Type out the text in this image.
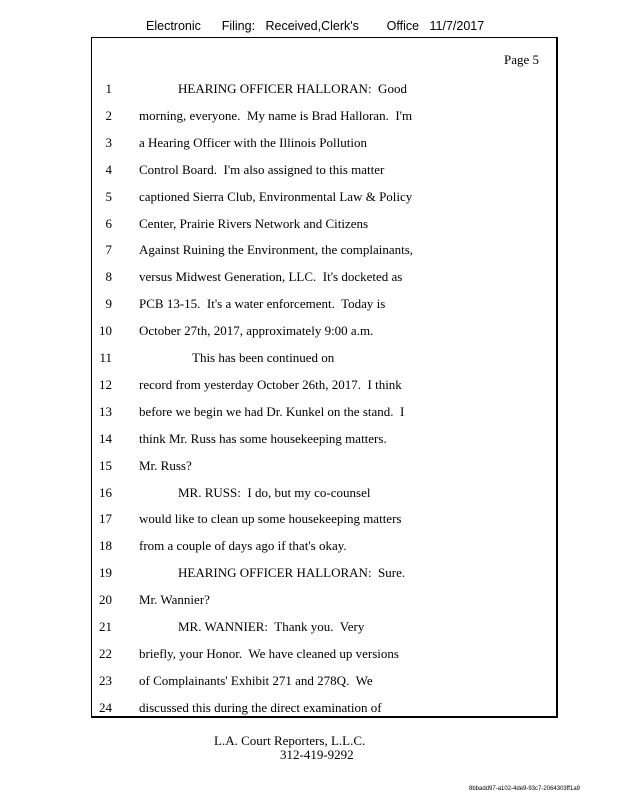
Electronic      Filing:   Received,Clerk's        Office   11/7/2017
Page 5
1	HEARING OFFICER HALLORAN:  Good
2 morning, everyone.  My name is Brad Halloran.  I'm
3 a Hearing Officer with the Illinois Pollution
4 Control Board.  I'm also assigned to this matter
5 captioned Sierra Club, Environmental Law & Policy
6 Center, Prairie Rivers Network and Citizens
7 Against Ruining the Environment, the complainants,
8 versus Midwest Generation, LLC.  It's docketed as
9 PCB 13-15.  It's a water enforcement.  Today is
10 October 27th, 2017, approximately 9:00 a.m.
11	This has been continued on
12 record from yesterday October 26th, 2017.  I think
13 before we begin we had Dr. Kunkel on the stand.  I
14 think Mr. Russ has some housekeeping matters.
15 Mr. Russ?
16	MR. RUSS:  I do, but my co-counsel
17 would like to clean up some housekeeping matters
18 from a couple of days ago if that's okay.
19	HEARING OFFICER HALLORAN:  Sure.
20 Mr. Wannier?
21	MR. WANNIER:  Thank you.  Very
22 briefly, your Honor.  We have cleaned up versions
23 of Complainants' Exhibit 271 and 278Q.  We
24 discussed this during the direct examination of
L.A. Court Reporters, L.L.C.
312-419-9292
8bbadd97-a102-4de9-93c7-2064303ff1a9
